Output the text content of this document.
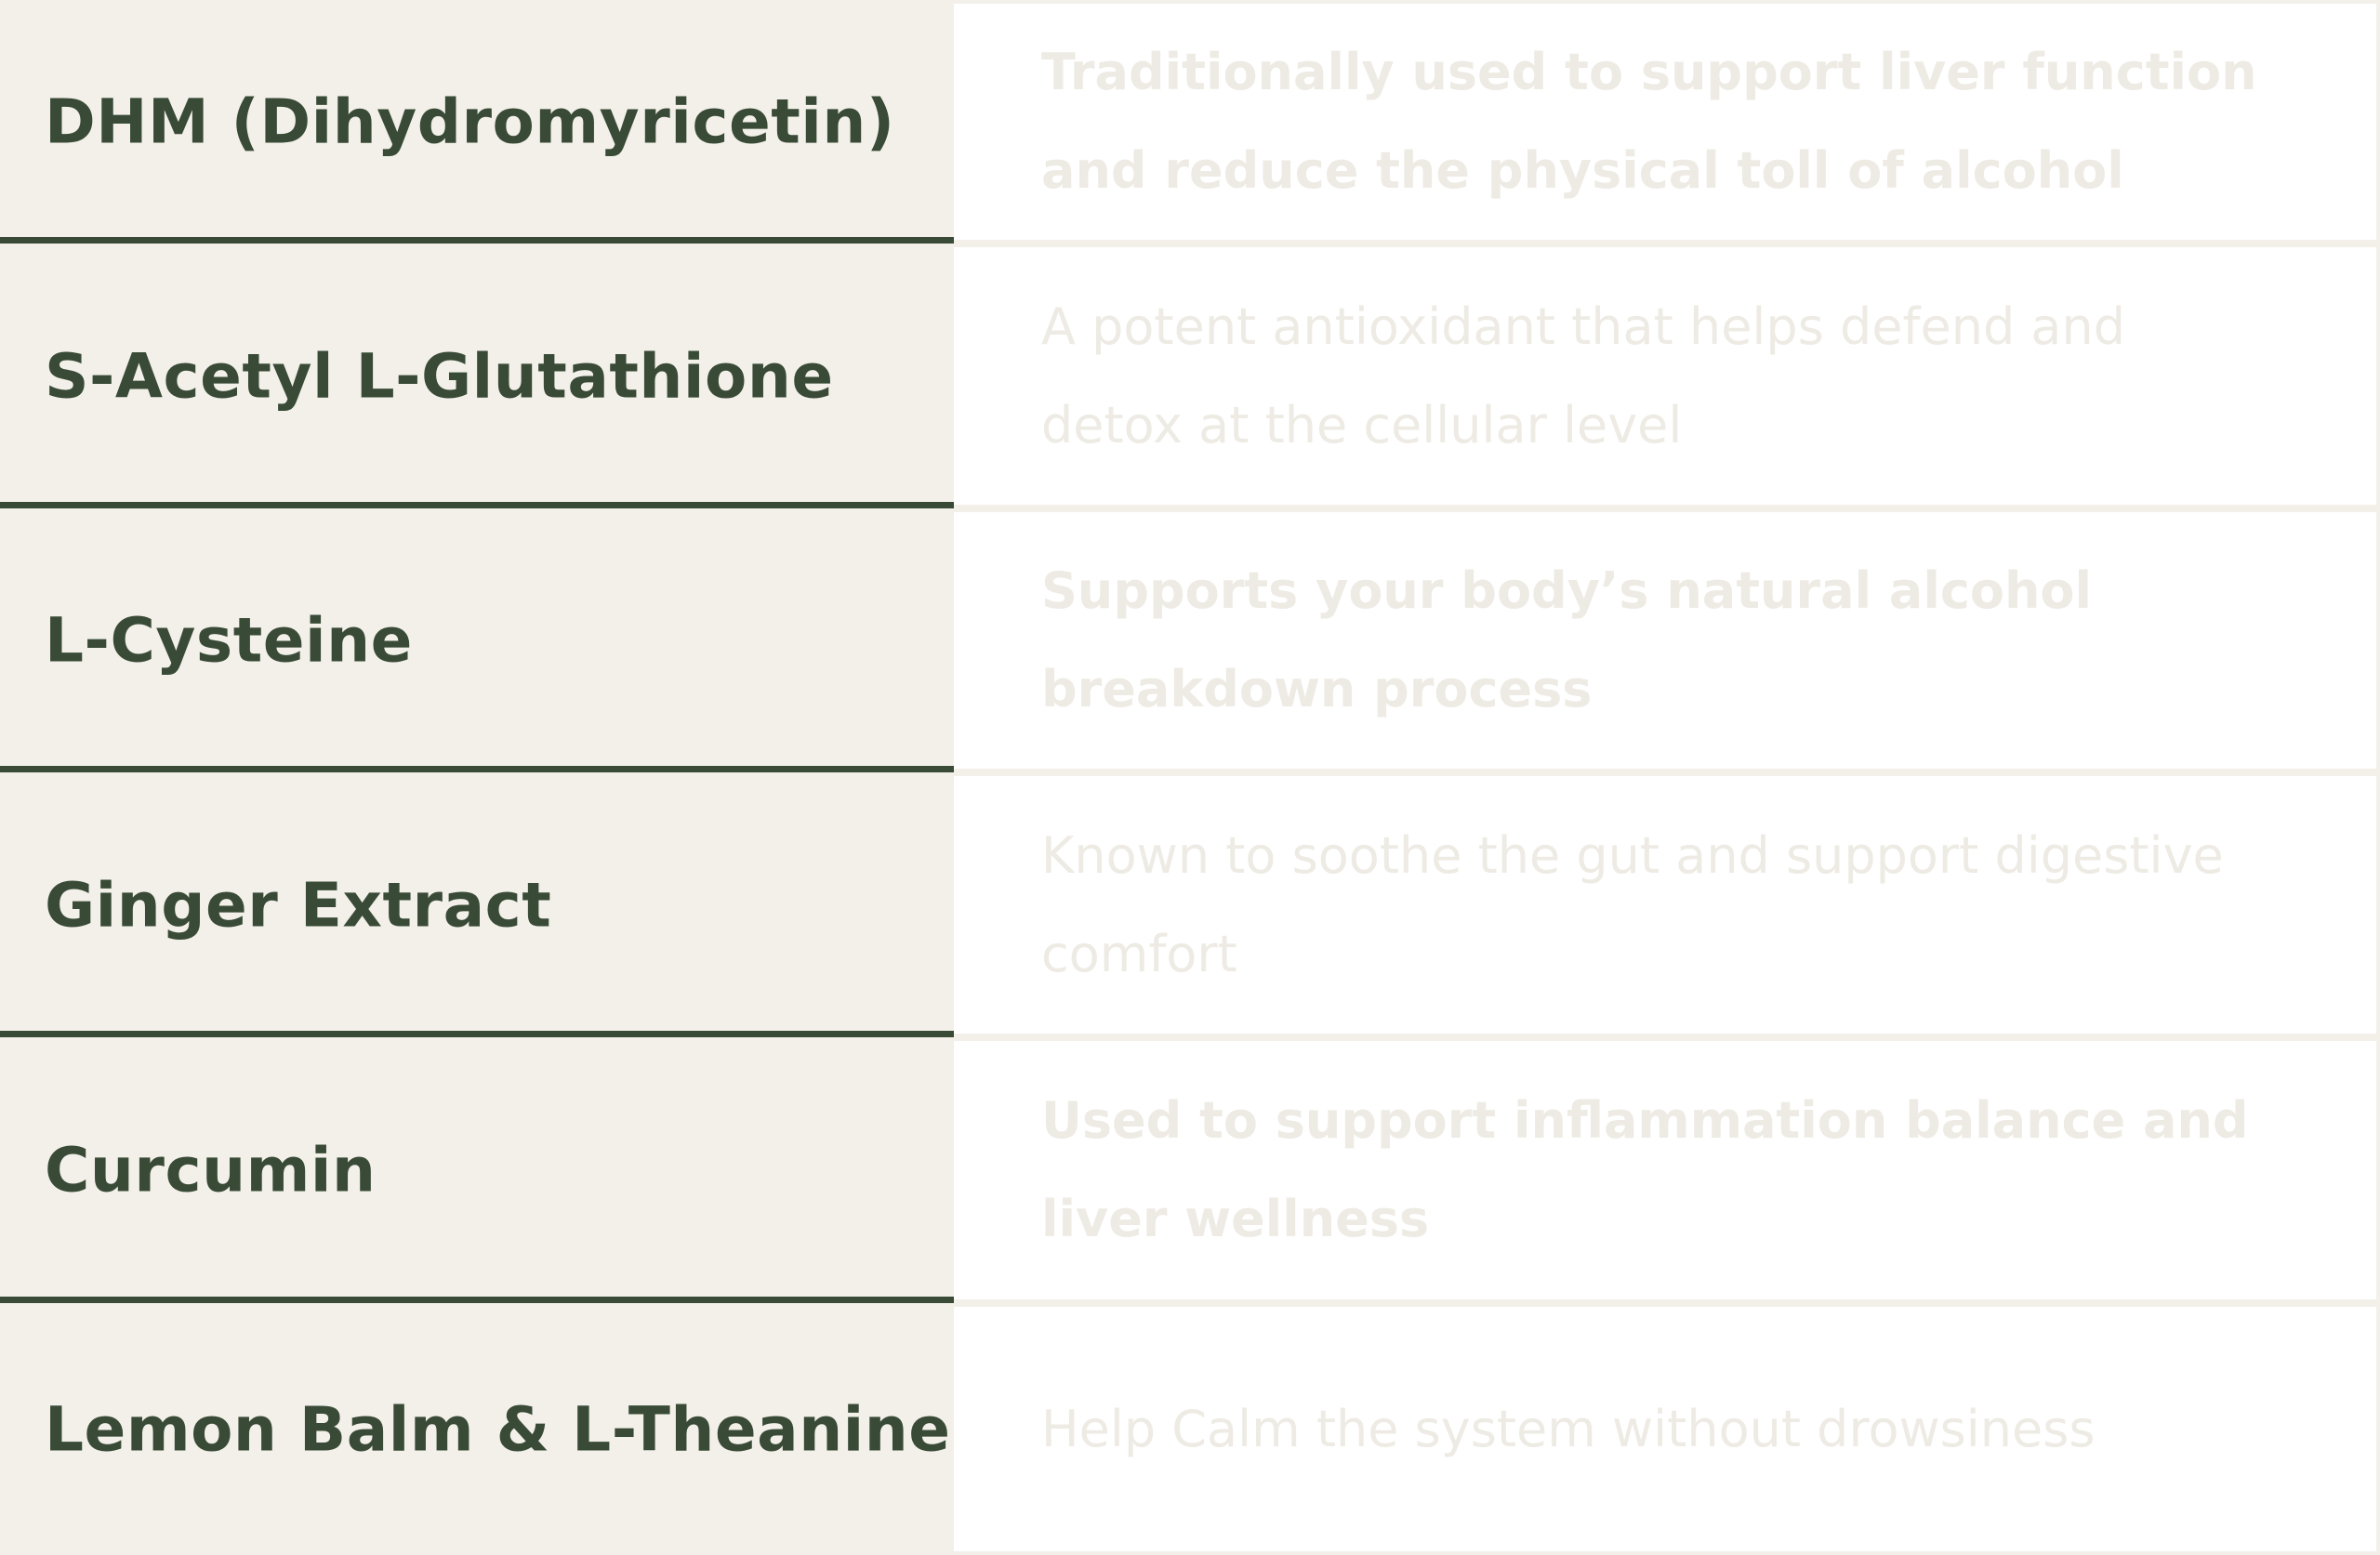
DHM (Dihydromyricetin)
Traditionally used to support liver function and reduce the physical toll of alcohol
S-Acetyl L-Glutathione
A potent antioxidant that helps defend and detox at the cellular level
L-Cysteine
Supports your body’s natural alcohol breakdown process
Ginger Extract
Known to soothe the gut and support digestive comfort
Curcumin
Used to support inflammation balance and liver wellness
Lemon Balm & L-Theanine Help Calm the system without drowsiness
